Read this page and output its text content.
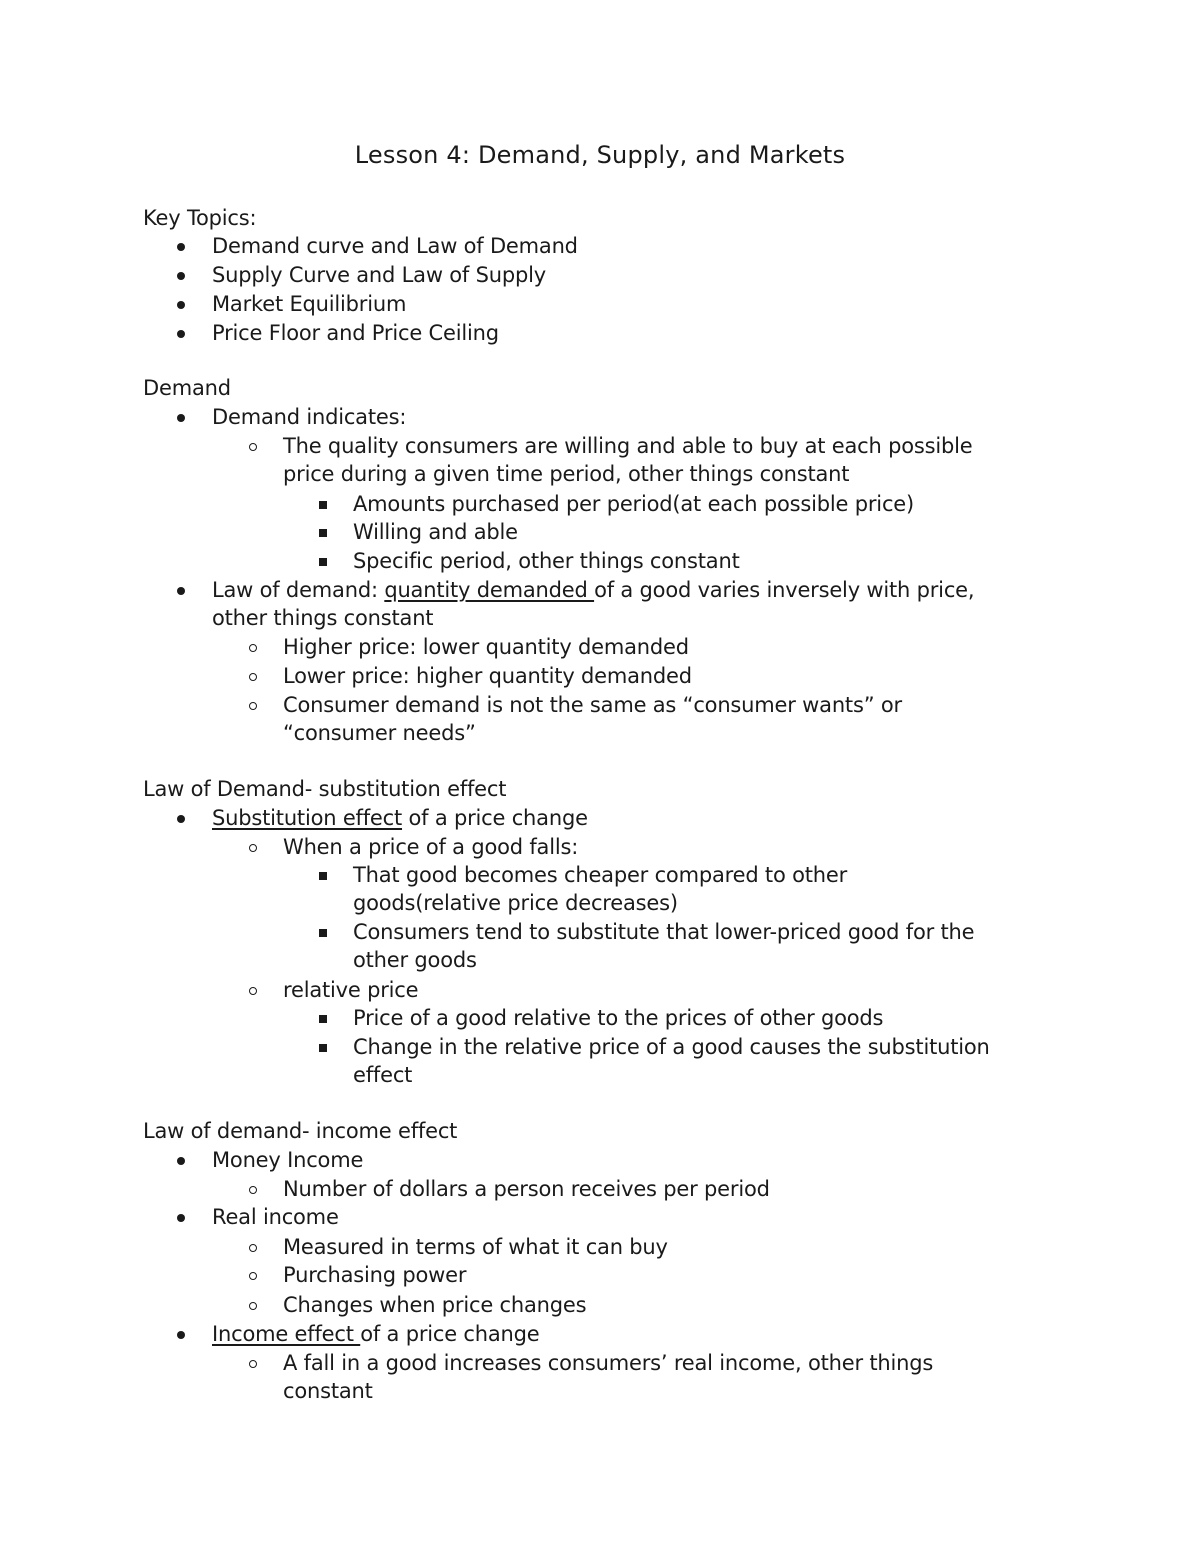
Lesson 4: Demand, Supply, and Markets
Key Topics:
Demand curve and Law of Demand
Supply Curve and Law of Supply
Market Equilibrium
Price Floor and Price Ceiling
Demand
Demand indicates:
The quality consumers are willing and able to buy at each possible
price during a given time period, other things constant
Amounts purchased per period(at each possible price)
Willing and able
Specific period, other things constant
Law of demand: quantity demanded of a good varies inversely with price,
other things constant
Higher price: lower quantity demanded
Lower price: higher quantity demanded
Consumer demand is not the same as “consumer wants” or
“consumer needs”
Law of Demand- substitution effect
Substitution effect of a price change
When a price of a good falls:
That good becomes cheaper compared to other
goods(relative price decreases)
Consumers tend to substitute that lower-priced good for the
other goods
relative price
Price of a good relative to the prices of other goods
Change in the relative price of a good causes the substitution
effect
Law of demand- income effect
Money Income
Number of dollars a person receives per period
Real income
Measured in terms of what it can buy
Purchasing power
Changes when price changes
Income effect of a price change
A fall in a good increases consumers’ real income, other things
constant
